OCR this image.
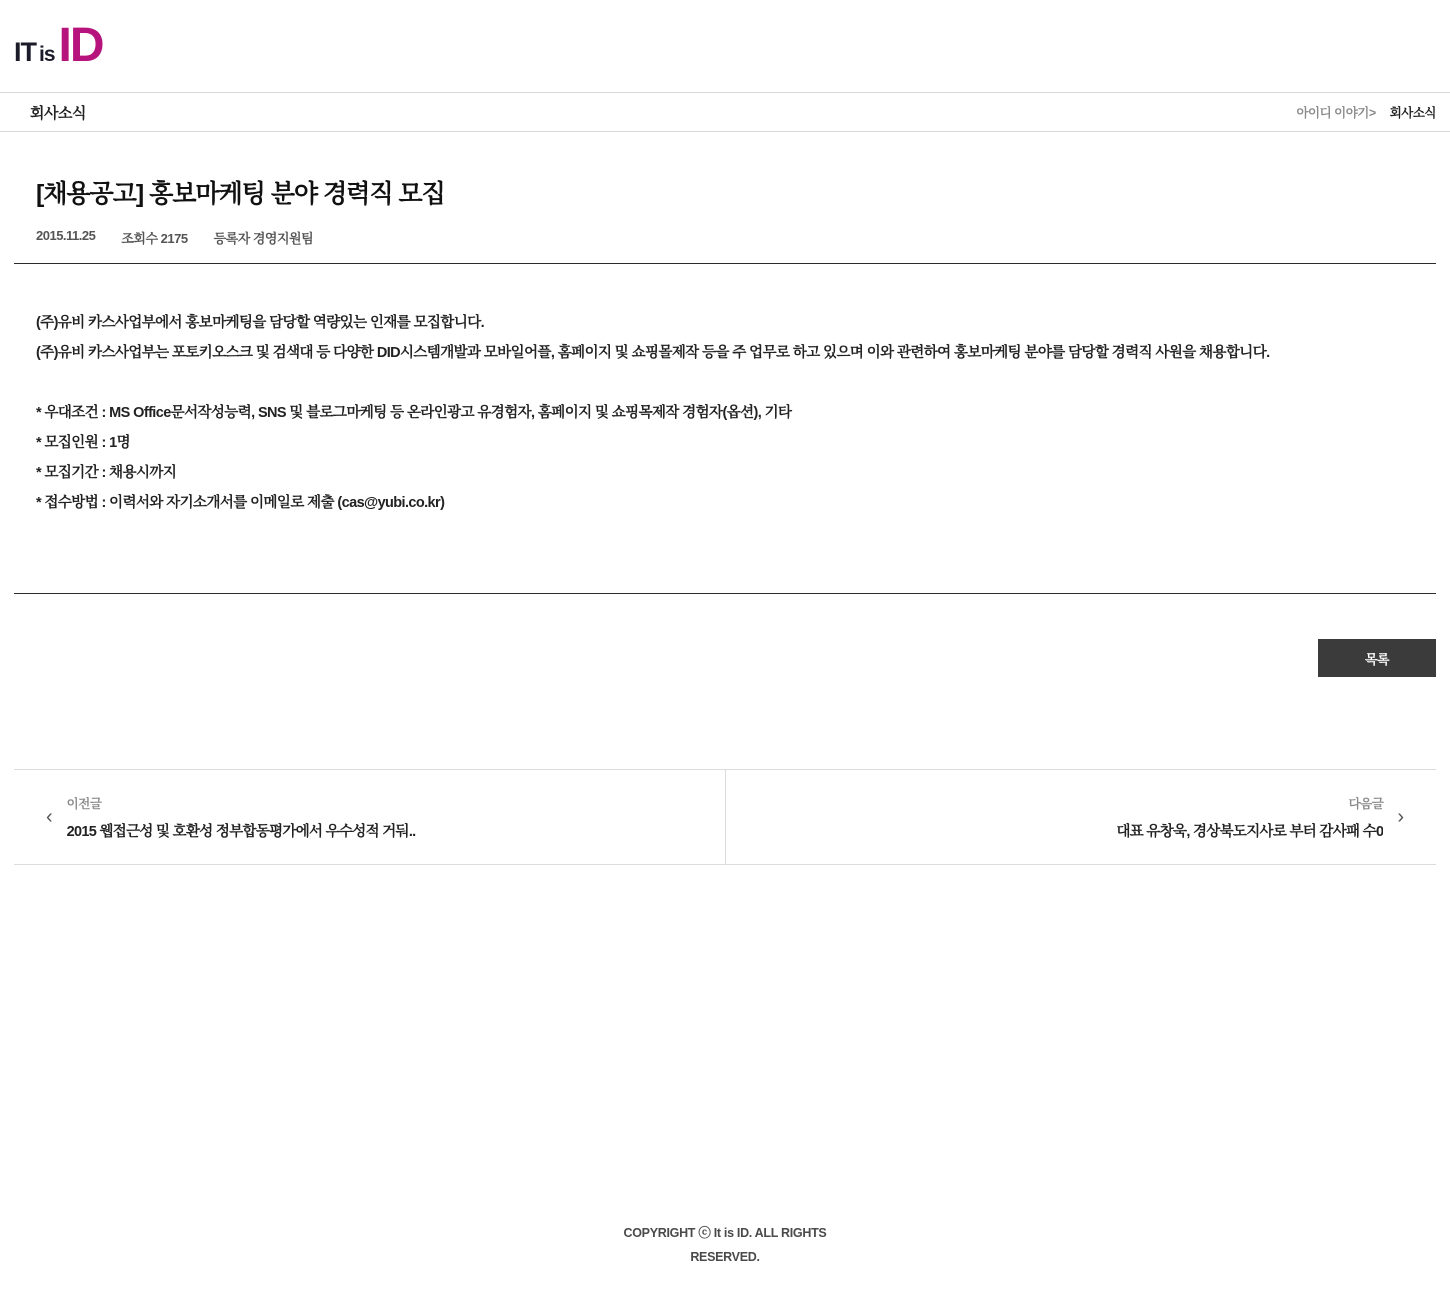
IT is ID
회사소식	아이디 이야기> 회사소식
[채용공고] 홍보마케팅 분야 경력직 모집
2015.11.25 조회수 2175 등록자 경영지원팀

(주)유비 카스사업부에서 홍보마케팅을 담당할 역량있는 인재를 모집합니다.

(주)유비 카스사업부는 포토키오스크 및 검색대 등 다양한 DID시스템개발과 모바일어플, 홈페이지 및 쇼핑몰제작 등을 주 업무로 하고 있으며 이와 관련하여 홍보마케팅 분야를 담당할 경력직 사원을 채용합니다.

* 우대조건 : MS Office문서작성능력, SNS 및 블로그마케팅 등 온라인광고 유경험자, 홈페이지 및 쇼핑목제작 경험자(옵션), 기타

* 모집인원 : 1명

* 모집기간 : 채용시까지

* 접수방법 : 이력서와 자기소개서를 이메일로 제출 (cas@yubi.co.kr)

목록
‹
이전글
2015 웹접근성 및 호환성 정부합동평가에서 우수성적 거둬..
다음글
대표 유창욱, 경상북도지사로 부터 감사패 수0
›
COPYRIGHT ⓒ It is ID. ALL RIGHTS
RESERVED.
